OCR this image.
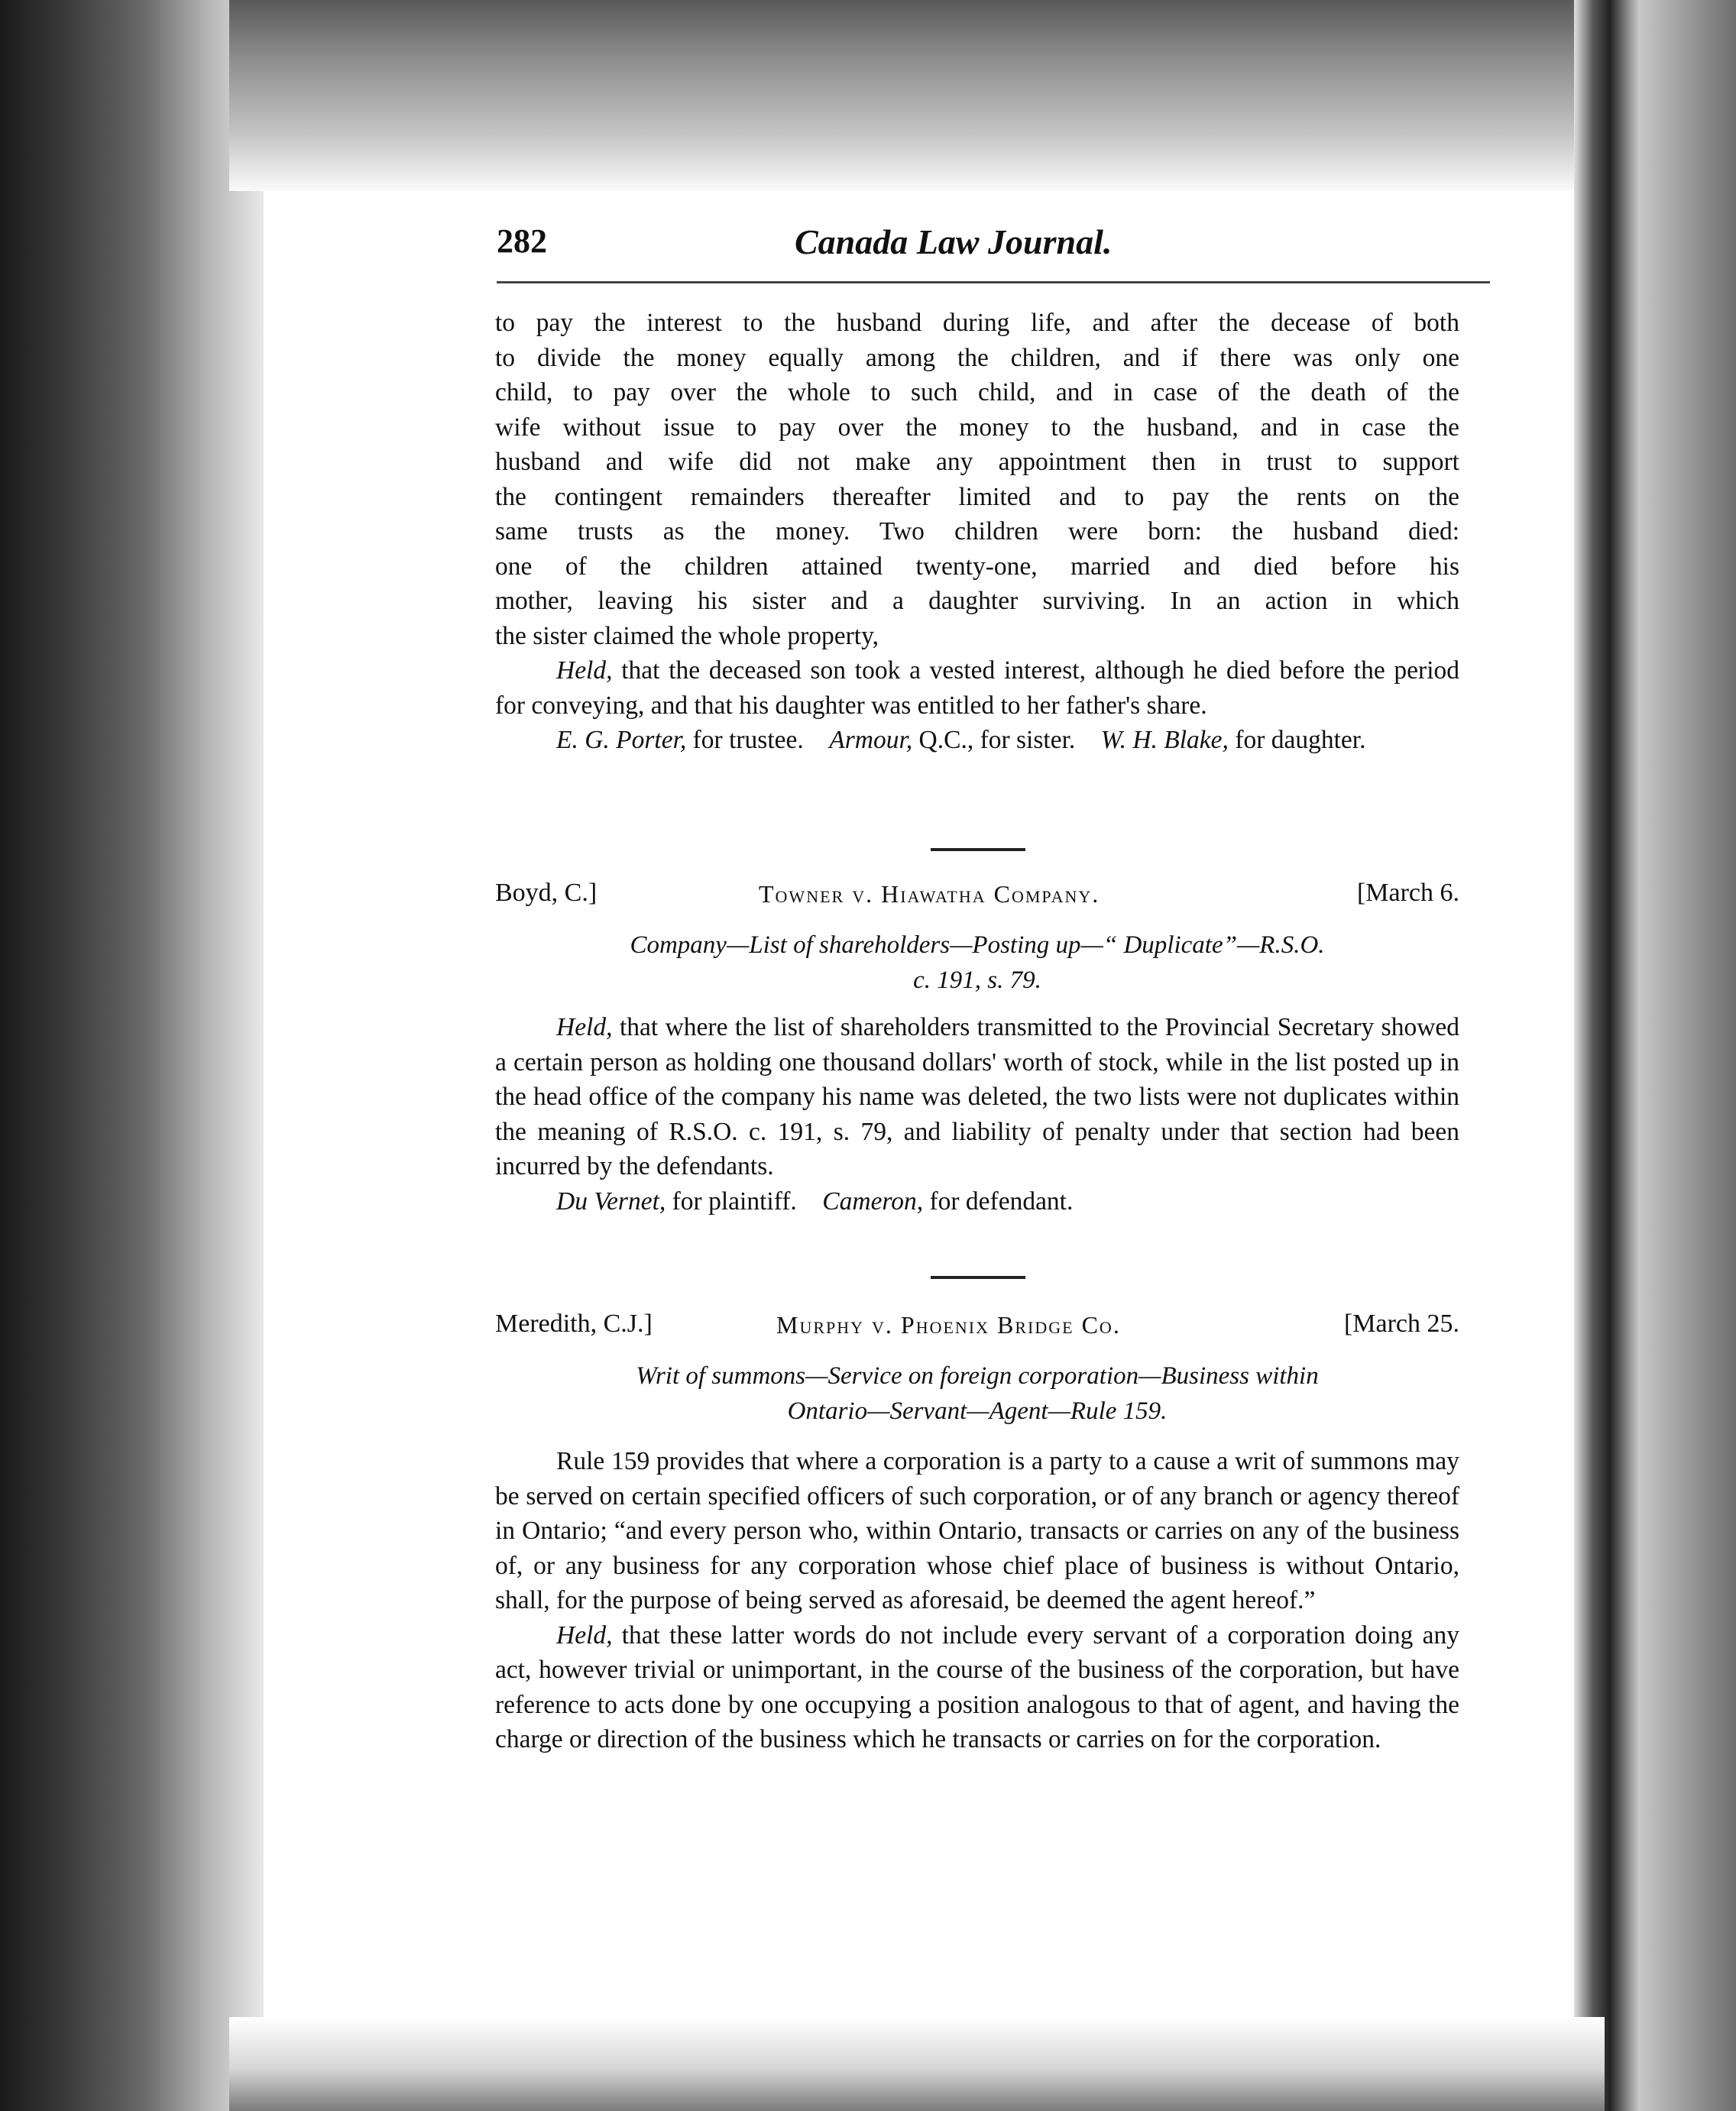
282	Canada Law Journal.

to pay the interest to the husband during life, and after the decease of both

to divide the money equally among the children, and if there was only one

child, to pay over the whole to such child, and in case of the death of the

wife without issue to pay over the money to the husband, and in case the

husband and wife did not make any appointment then in trust to support

the contingent remainders thereafter limited and to pay the rents on the

same trusts as the money. Two children were born: the husband died:

one of the children attained twenty-one, married and died before his

mother, leaving his sister and a daughter surviving. In an action in which

the sister claimed the whole property,

Held, that the deceased son took a vested interest, although he died before the period for conveying, and that his daughter was entitled to her father's share.

E. G. Porter, for trustee. Armour, Q.C., for sister. W. H. Blake, for daughter.

Boyd, C.]	Towner v. Hiawatha Company.	[March 6.

Company—List of shareholders—Posting up—“ Duplicate”—R.S.O.

c. 191, s. 79.

Held, that where the list of shareholders transmitted to the Provincial Secretary showed a certain person as holding one thousand dollars' worth of stock, while in the list posted up in the head office of the company his name was deleted, the two lists were not duplicates within the meaning of R.S.O. c. 191, s. 79, and liability of penalty under that section had been incurred by the defendants.

Du Vernet, for plaintiff. Cameron, for defendant.

Meredith, C.J.]	Murphy v. Phoenix Bridge Co.	[March 25.

Writ of summons—Service on foreign corporation—Business within

Ontario—Servant—Agent—Rule 159.

Rule 159 provides that where a corporation is a party to a cause a writ of summons may be served on certain specified officers of such corporation, or of any branch or agency thereof in Ontario; “and every person who, within Ontario, transacts or carries on any of the business of, or any business for any corporation whose chief place of business is without Ontario, shall, for the purpose of being served as aforesaid, be deemed the agent hereof.”

Held, that these latter words do not include every servant of a corporation doing any act, however trivial or unimportant, in the course of the business of the corporation, but have reference to acts done by one occupying a position analogous to that of agent, and having the charge or direction of the business which he transacts or carries on for the corporation.
